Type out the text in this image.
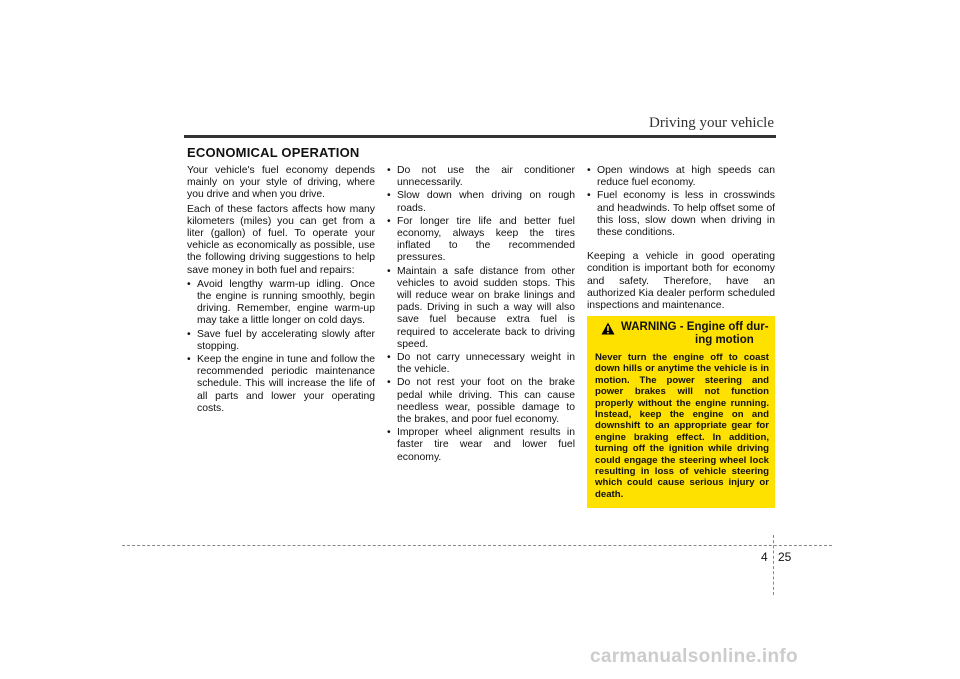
Driving your vehicle
ECONOMICAL OPERATION

Your vehicle's fuel economy depends mainly on your style of driving, where you drive and when you drive.

Each of these factors affects how many kilometers (miles) you can get from a liter (gallon) of fuel. To operate your vehicle as economically as possible, use the following driving suggestions to help save money in both fuel and repairs:

• Avoid lengthy warm-up idling. Once the engine is running smoothly, begin driving. Remember, engine warm-up may take a little longer on cold days.
• Save fuel by accelerating slowly after stopping.
• Keep the engine in tune and follow the recommended periodic maintenance schedule. This will increase the life of all parts and lower your operating costs.
• Do not use the air conditioner unnecessarily.
• Slow down when driving on rough roads.
• For longer tire life and better fuel economy, always keep the tires inflated to the recommended pressures.
• Maintain a safe distance from other vehicles to avoid sudden stops. This will reduce wear on brake linings and pads. Driving in such a way will also save fuel because extra fuel is required to accelerate back to driving speed.
• Do not carry unnecessary weight in the vehicle.
• Do not rest your foot on the brake pedal while driving. This can cause needless wear, possible damage to the brakes, and poor fuel economy.
• Improper wheel alignment results in faster tire wear and lower fuel economy.
• Open windows at high speeds can reduce fuel economy.
• Fuel economy is less in crosswinds and headwinds. To help offset some of this loss, slow down when driving in these conditions.

Keeping a vehicle in good operating condition is important both for economy and safety. Therefore, have an authorized Kia dealer perform scheduled inspections and maintenance.

WARNING - Engine off dur-
ing motion
Never turn the engine off to coast down hills or anytime the vehicle is in motion. The power steering and power brakes will not function properly without the engine running. Instead, keep the engine on and downshift to an appropriate gear for engine braking effect. In addition, turning off the ignition while driving could engage the steering wheel lock resulting in loss of vehicle steering which could cause serious injury or death.
4 25
carmanualsonline.info
